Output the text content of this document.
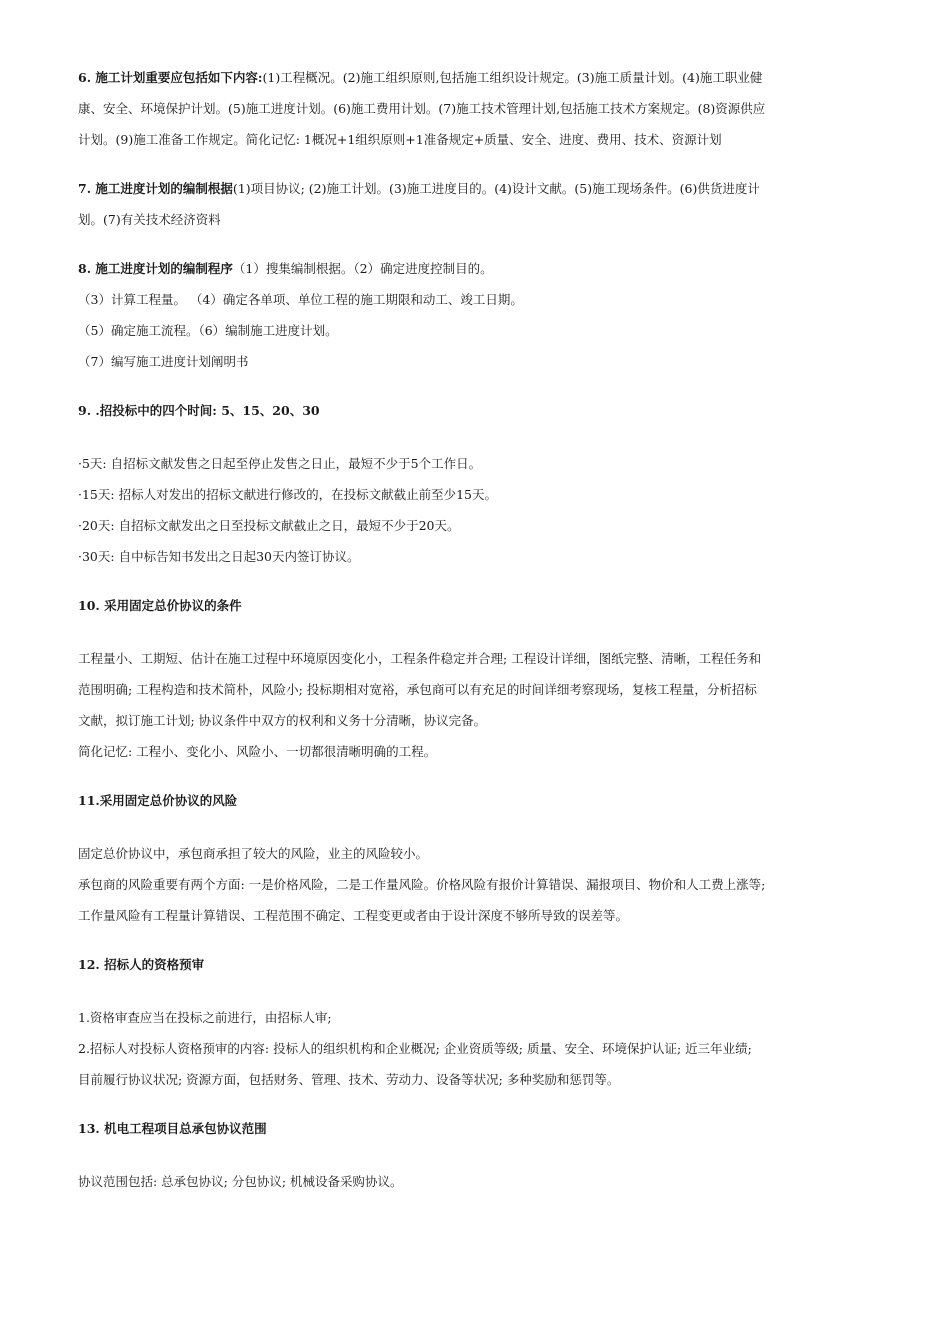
6. 施工计划重要应包括如下内容:(1)工程概况。(2)施工组织原则,包括施工组织设计规定。(3)施工质量计划。(4)施工职业健

康、安全、环境保护计划。(5)施工进度计划。(6)施工费用计划。(7)施工技术管理计划,包括施工技术方案规定。(8)资源供应

计划。(9)施工准备工作规定。简化记忆: 1概况+1组织原则+1准备规定+质量、安全、进度、费用、技术、资源计划

7. 施工进度计划的编制根据(1)项目协议; (2)施工计划。(3)施工进度目的。(4)设计文献。(5)施工现场条件。(6)供货进度计

划。(7)有关技术经济资料

8. 施工进度计划的编制程序（1）搜集编制根据。（2）确定进度控制目的。

（3）计算工程量。 （4）确定各单项、单位工程的施工期限和动工、竣工日期。

（5）确定施工流程。（6）编制施工进度计划。

（7）编写施工进度计划阐明书

9. .招投标中的四个时间: 5、15、20、30

·5天: 自招标文献发售之日起至停止发售之日止，最短不少于5个工作日。

·15天: 招标人对发出的招标文献进行修改的，在投标文献截止前至少15天。

·20天: 自招标文献发出之日至投标文献截止之日，最短不少于20天。

·30天: 自中标告知书发出之日起30天内签订协议。

10. 采用固定总价协议的条件

工程量小、工期短、估计在施工过程中环境原因变化小，工程条件稳定并合理; 工程设计详细，图纸完整、清晰，工程任务和

范围明确; 工程构造和技术简朴，风险小; 投标期相对宽裕，承包商可以有充足的时间详细考察现场，复核工程量，分析招标

文献，拟订施工计划; 协议条件中双方的权利和义务十分清晰，协议完备。

简化记忆: 工程小、变化小、风险小、一切都很清晰明确的工程。

11.采用固定总价协议的风险

固定总价协议中，承包商承担了较大的风险，业主的风险较小。

承包商的风险重要有两个方面: 一是价格风险，二是工作量风险。价格风险有报价计算错误、漏报项目、物价和人工费上涨等;

工作量风险有工程量计算错误、工程范围不确定、工程变更或者由于设计深度不够所导致的误差等。

12. 招标人的资格预审

1.资格审查应当在投标之前进行，由招标人审;

2.招标人对投标人资格预审的内容: 投标人的组织机构和企业概况; 企业资质等级; 质量、安全、环境保护认证; 近三年业绩;

目前履行协议状况; 资源方面，包括财务、管理、技术、劳动力、设备等状况; 多种奖励和惩罚等。

13. 机电工程项目总承包协议范围

协议范围包括: 总承包协议; 分包协议; 机械设备采购协议。
